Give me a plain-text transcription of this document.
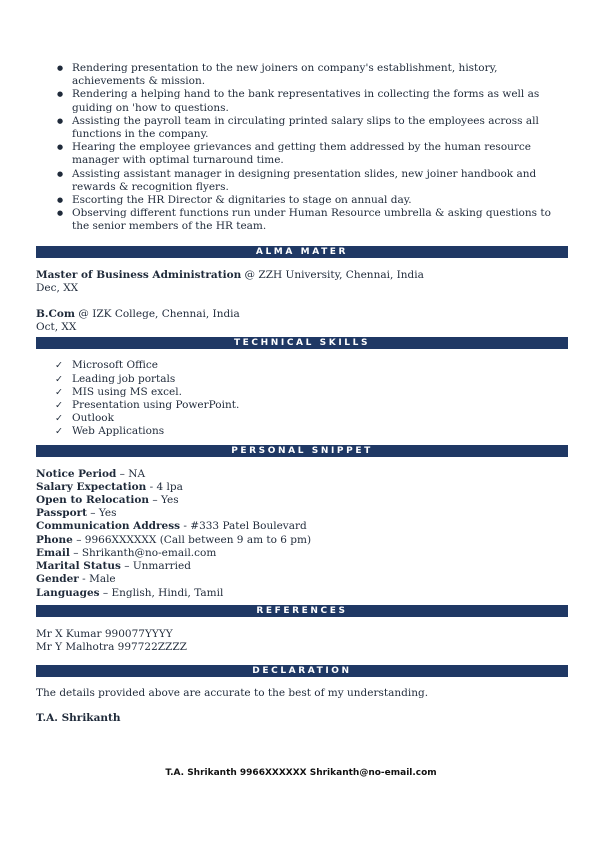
● Rendering presentation to the new joiners on company's establishment, history, achievements & mission.
● Rendering a helping hand to the bank representatives in collecting the forms as well as guiding on 'how to questions.
● Assisting the payroll team in circulating printed salary slips to the employees across all functions in the company.
● Hearing the employee grievances and getting them addressed by the human resource manager with optimal turnaround time.
● Assisting assistant manager in designing presentation slides, new joiner handbook and rewards & recognition flyers.
● Escorting the HR Director & dignitaries to stage on annual day.
● Observing different functions run under Human Resource umbrella & asking questions to the senior members of the HR team.
ALMA MATER
Master of Business Administration @ ZZH University, Chennai, India
Dec, XX
B.Com @ IZK College, Chennai, India
Oct, XX
TECHNICAL SKILLS
✓ Microsoft Office
✓ Leading job portals
✓ MIS using MS excel.
✓ Presentation using PowerPoint.
✓ Outlook
✓ Web Applications
PERSONAL SNIPPET
Notice Period – NA
Salary Expectation - 4 lpa
Open to Relocation – Yes
Passport – Yes
Communication Address - #333 Patel Boulevard
Phone – 9966XXXXXX (Call between 9 am to 6 pm)
Email – Shrikanth@no-email.com
Marital Status – Unmarried
Gender - Male
Languages – English, Hindi, Tamil
REFERENCES
Mr X Kumar 990077YYYY
Mr Y Malhotra 997722ZZZZ
DECLARATION
The details provided above are accurate to the best of my understanding.
T.A. Shrikanth
T.A. Shrikanth 9966XXXXXX Shrikanth@no-email.com
